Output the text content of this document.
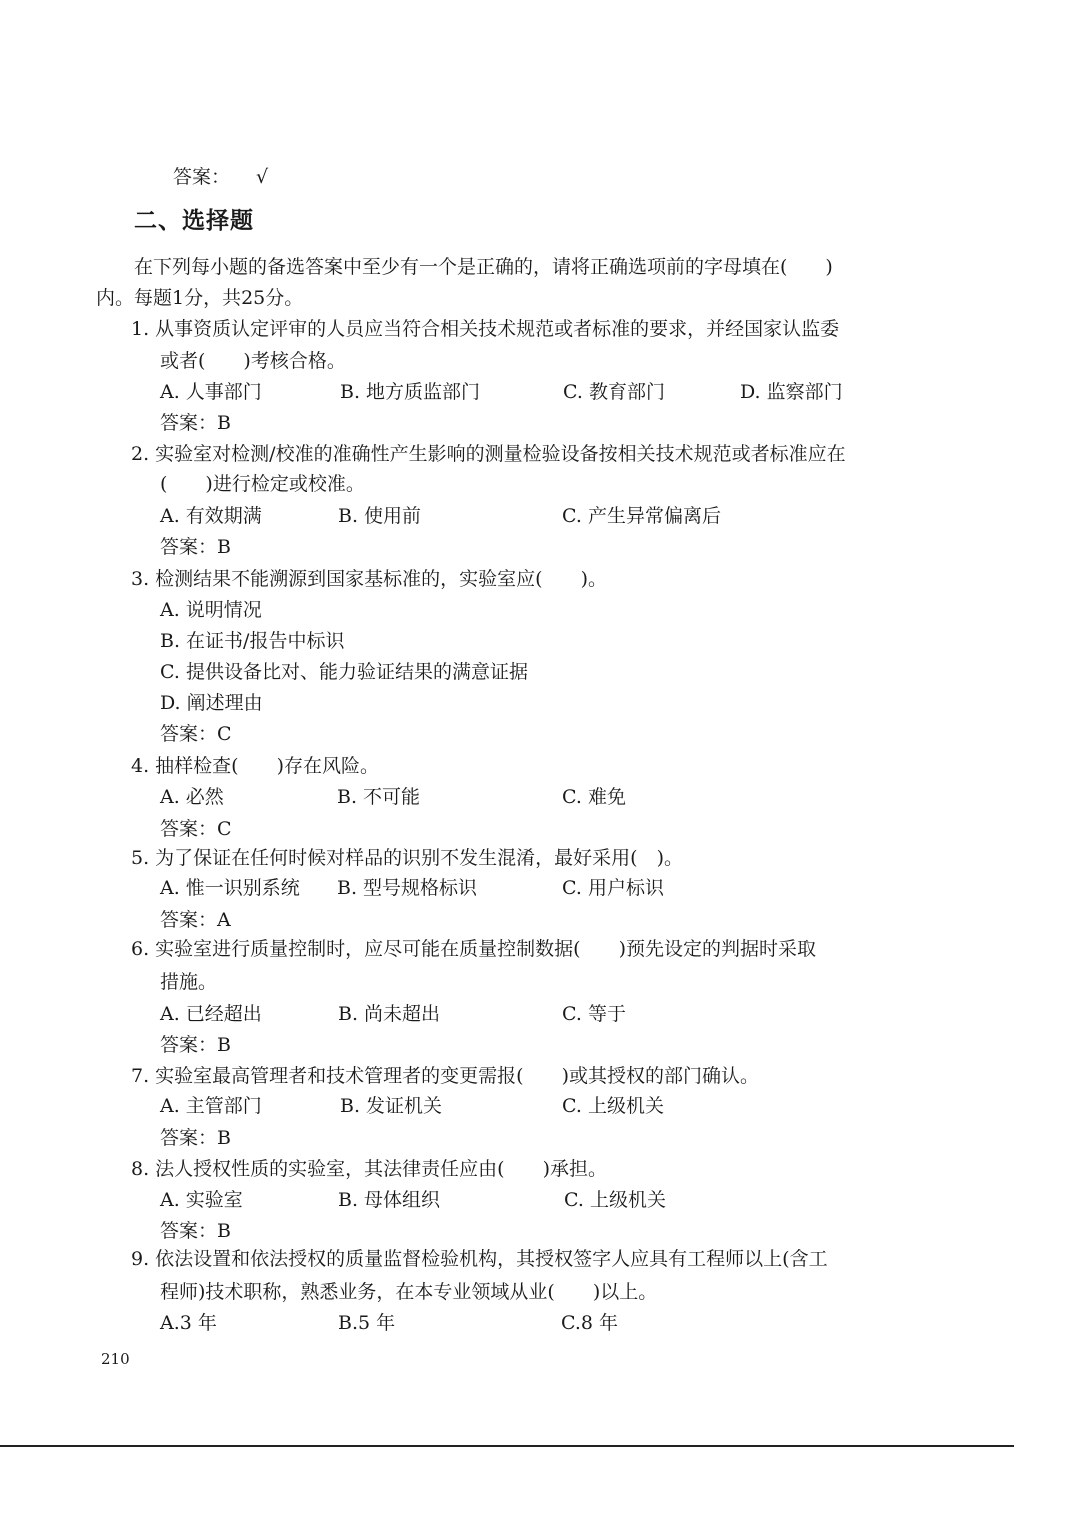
答案： √
二、选择题
在下列每小题的备选答案中至少有一个是正确的，请将正确选项前的字母填在(　　)
内。每题1分，共25分。
1. 从事资质认定评审的人员应当符合相关技术规范或者标准的要求，并经国家认监委
或者(　　)考核合格。
A. 人事部门	B. 地方质监部门	C. 教育部门	D. 监察部门
答案：B
2. 实验室对检测/校准的准确性产生影响的测量检验设备按相关技术规范或者标准应在
(　　)进行检定或校准。
A. 有效期满	B. 使用前	C. 产生异常偏离后
答案：B
3. 检测结果不能溯源到国家基标准的，实验室应(　　)。
A. 说明情况
B. 在证书/报告中标识
C. 提供设备比对、能力验证结果的满意证据
D. 阐述理由
答案：C
4. 抽样检查(　　)存在风险。
A. 必然	B. 不可能	C. 难免
答案：C
5. 为了保证在任何时候对样品的识别不发生混淆，最好采用(　)。
A. 惟一识别系统 B. 型号规格标识	C. 用户标识
答案：A
6. 实验室进行质量控制时，应尽可能在质量控制数据(　　)预先设定的判据时采取
措施。
A. 已经超出	B. 尚未超出	C. 等于
答案：B
7. 实验室最高管理者和技术管理者的变更需报(　　)或其授权的部门确认。
A. 主管部门	B. 发证机关	C. 上级机关
答案：B
8. 法人授权性质的实验室，其法律责任应由(　　)承担。
A. 实验室	B. 母体组织	C. 上级机关
答案：B
9. 依法设置和依法授权的质量监督检验机构，其授权签字人应具有工程师以上(含工
程师)技术职称，熟悉业务，在本专业领域从业(　　)以上。
A.3 年	B.5 年	C.8 年
210
